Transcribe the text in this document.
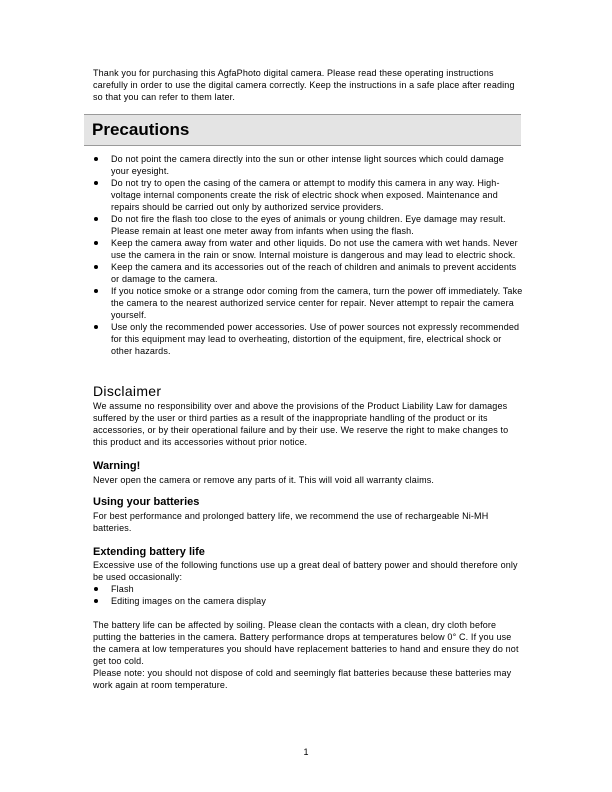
Thank you for purchasing this AgfaPhoto digital camera. Please read these operating instructions carefully in order to use the digital camera correctly. Keep the instructions in a safe place after reading so that you can refer to them later.

Precautions
Do not point the camera directly into the sun or other intense light sources which could damage your eyesight.
Do not try to open the casing of the camera or attempt to modify this camera in any way. High-voltage internal components create the risk of electric shock when exposed. Maintenance and repairs should be carried out only by authorized service providers.
Do not fire the flash too close to the eyes of animals or young children. Eye damage may result. Please remain at least one meter away from infants when using the flash.
Keep the camera away from water and other liquids. Do not use the camera with wet hands. Never use the camera in the rain or snow. Internal moisture is dangerous and may lead to electric shock.
Keep the camera and its accessories out of the reach of children and animals to prevent accidents or damage to the camera.
If you notice smoke or a strange odor coming from the camera, turn the power off immediately. Take the camera to the nearest authorized service center for repair. Never attempt to repair the camera yourself.
Use only the recommended power accessories. Use of power sources not expressly recommended for this equipment may lead to overheating, distortion of the equipment, fire, electrical shock or other hazards.
Disclaimer

We assume no responsibility over and above the provisions of the Product Liability Law for damages suffered by the user or third parties as a result of the inappropriate handling of the product or its accessories, or by their operational failure and by their use. We reserve the right to make changes to this product and its accessories without prior notice.

Warning!

Never open the camera or remove any parts of it. This will void all warranty claims.

Using your batteries

For best performance and prolonged battery life, we recommend the use of rechargeable Ni-MH batteries.

Extending battery life

Excessive use of the following functions use up a great deal of battery power and should therefore only be used occasionally:

Flash
Editing images on the camera display

The battery life can be affected by soiling. Please clean the contacts with a clean, dry cloth before putting the batteries in the camera. Battery performance drops at temperatures below 0° C. If you use the camera at low temperatures you should have replacement batteries to hand and ensure they do not get too cold.

Please note: you should not dispose of cold and seemingly flat batteries because these batteries may work again at room temperature.

1
